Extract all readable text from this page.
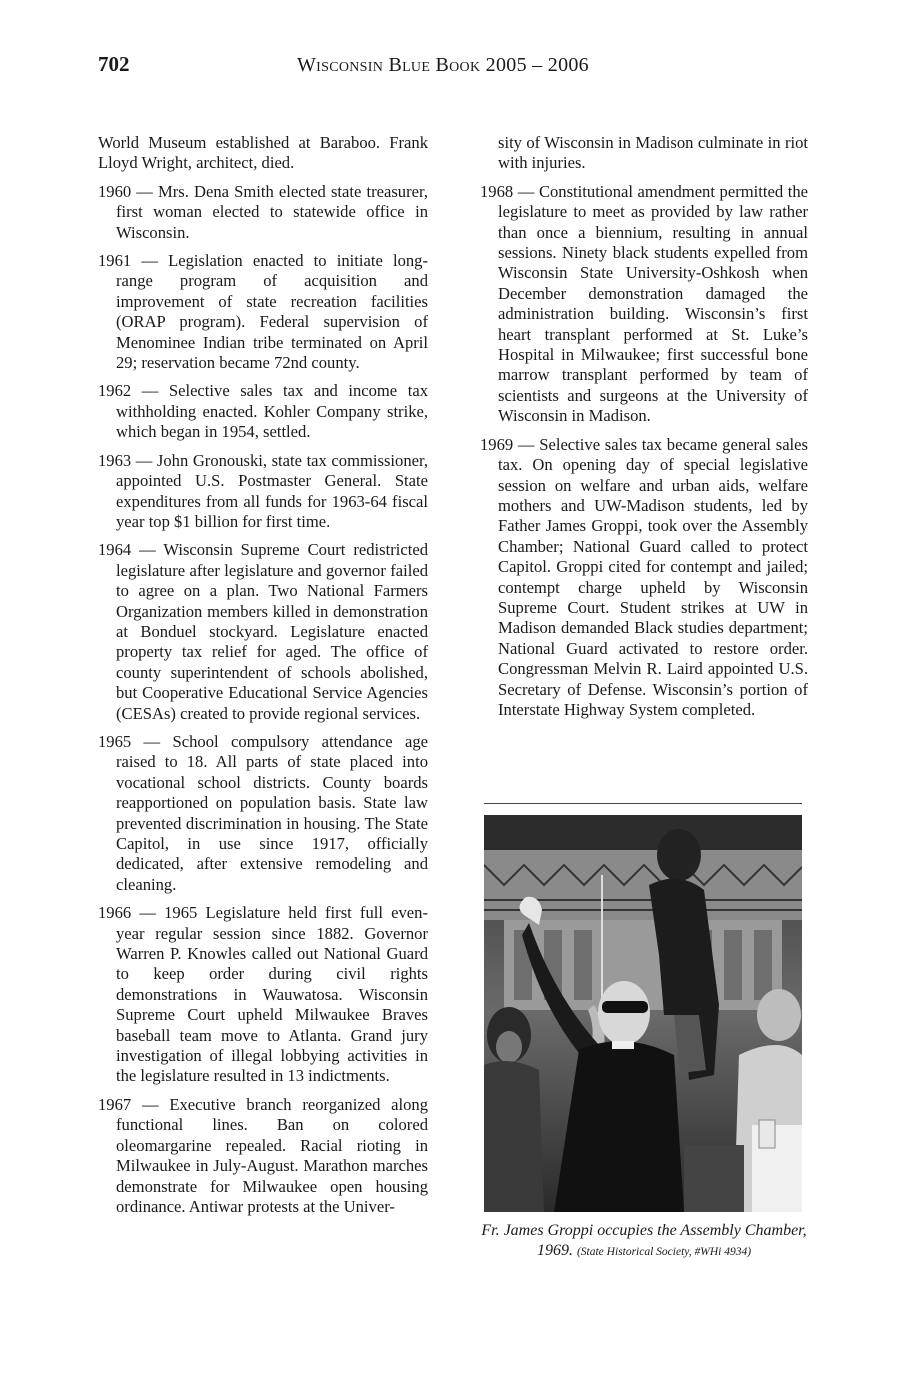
702	Wisconsin Blue Book 2005 – 2006

World Museum established at Baraboo. Frank Lloyd Wright, architect, died.

1960 — Mrs. Dena Smith elected state treasurer, first woman elected to statewide office in Wisconsin.

1961 — Legislation enacted to initiate long-range program of acquisition and improvement of state recreation facilities (ORAP program). Federal supervision of Menominee Indian tribe terminated on April 29; reservation became 72nd county.

1962 — Selective sales tax and income tax withholding enacted. Kohler Company strike, which began in 1954, settled.

1963 — John Gronouski, state tax commissioner, appointed U.S. Postmaster General. State expenditures from all funds for 1963-64 fiscal year top $1 billion for first time.

1964 — Wisconsin Supreme Court redistricted legislature after legislature and governor failed to agree on a plan. Two National Farmers Organization members killed in demonstration at Bonduel stockyard. Legislature enacted property tax relief for aged. The office of county superintendent of schools abolished, but Cooperative Educational Service Agencies (CESAs) created to provide regional services.

1965 — School compulsory attendance age raised to 18. All parts of state placed into vocational school districts. County boards reapportioned on population basis. State law prevented discrimination in housing. The State Capitol, in use since 1917, officially dedicated, after extensive remodeling and cleaning.

1966 — 1965 Legislature held first full even-year regular session since 1882. Governor Warren P. Knowles called out National Guard to keep order during civil rights demonstrations in Wauwatosa. Wisconsin Supreme Court upheld Milwaukee Braves baseball team move to Atlanta. Grand jury investigation of illegal lobbying activities in the legislature resulted in 13 indictments.

1967 — Executive branch reorganized along functional lines. Ban on colored oleomargarine repealed. Racial rioting in Milwaukee in July-August. Marathon marches demonstrate for Milwaukee open housing ordinance. Antiwar protests at the Univer-

sity of Wisconsin in Madison culminate in riot with injuries.

1968 — Constitutional amendment permitted the legislature to meet as provided by law rather than once a biennium, resulting in annual sessions. Ninety black students expelled from Wisconsin State University-Oshkosh when December demonstration damaged the administration building. Wisconsin’s first heart transplant performed at St. Luke’s Hospital in Milwaukee; first successful bone marrow transplant performed by team of scientists and surgeons at the University of Wisconsin in Madison.

1969 — Selective sales tax became general sales tax. On opening day of special legislative session on welfare and urban aids, welfare mothers and UW-Madison students, led by Father James Groppi, took over the Assembly Chamber; National Guard called to protect Capitol. Groppi cited for contempt and jailed; contempt charge upheld by Wisconsin Supreme Court. Student strikes at UW in Madison demanded Black studies department; National Guard activated to restore order. Congressman Melvin R. Laird appointed U.S. Secretary of Defense. Wisconsin’s portion of Interstate Highway System completed.

Fr. James Groppi occupies the Assembly Chamber, 1969. (State Historical Society, #WHi 4934)
